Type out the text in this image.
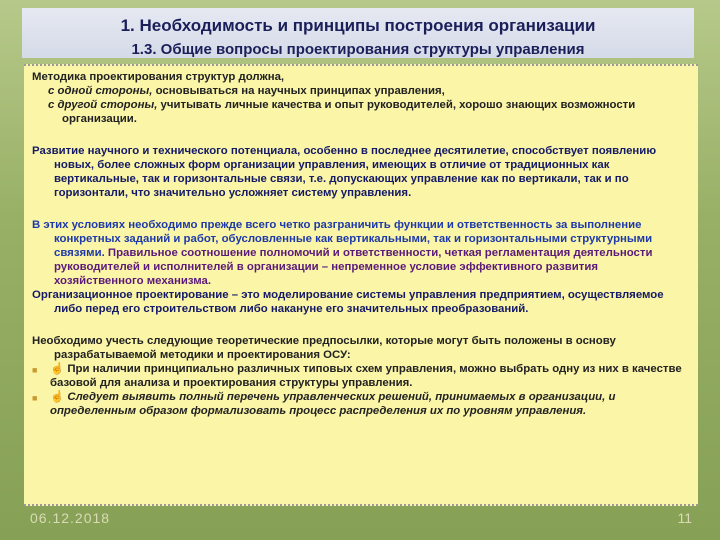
1. Необходимость и принципы построения организации
1.3. Общие вопросы проектирования структуры управления
Методика проектирования структур должна,
с одной стороны, основываться на научных принципах управления,
с другой стороны, учитывать личные качества и опыт руководителей, хорошо знающих возможности организации.
Развитие научного и технического потенциала, особенно в последнее десятилетие, способствует появлению новых, более сложных форм организации управления, имеющих в отличие от традиционных как вертикальные, так и горизонтальные связи, т.е. допускающих управление как по вертикали, так и по горизонтали, что значительно усложняет систему управления.
В этих условиях необходимо прежде всего четко разграничить функции и ответственность за выполнение конкретных заданий и работ, обусловленные как вертикальными, так и горизонтальными структурными связями. Правильное соотношение полномочий и ответственности, четкая регламентация деятельности руководителей и исполнителей в организации – непременное условие эффективного развития хозяйственного механизма.
Организационное проектирование – это моделирование системы управления предприятием, осуществляемое либо перед его строительством либо накануне его значительных преобразований.
Необходимо учесть следующие теоретические предпосылки, которые могут быть положены в основу разрабатываемой методики и проектирования ОСУ:
■	☝ При наличии принципиально различных типовых схем управления, можно выбрать одну из них в качестве базовой для анализа и проектирования структуры управления.
■	☝ Следует выявить полный перечень управленческих решений, принимаемых в организации, и определенным образом формализовать процесс распределения их по уровням управления.
06.12.2018	11
